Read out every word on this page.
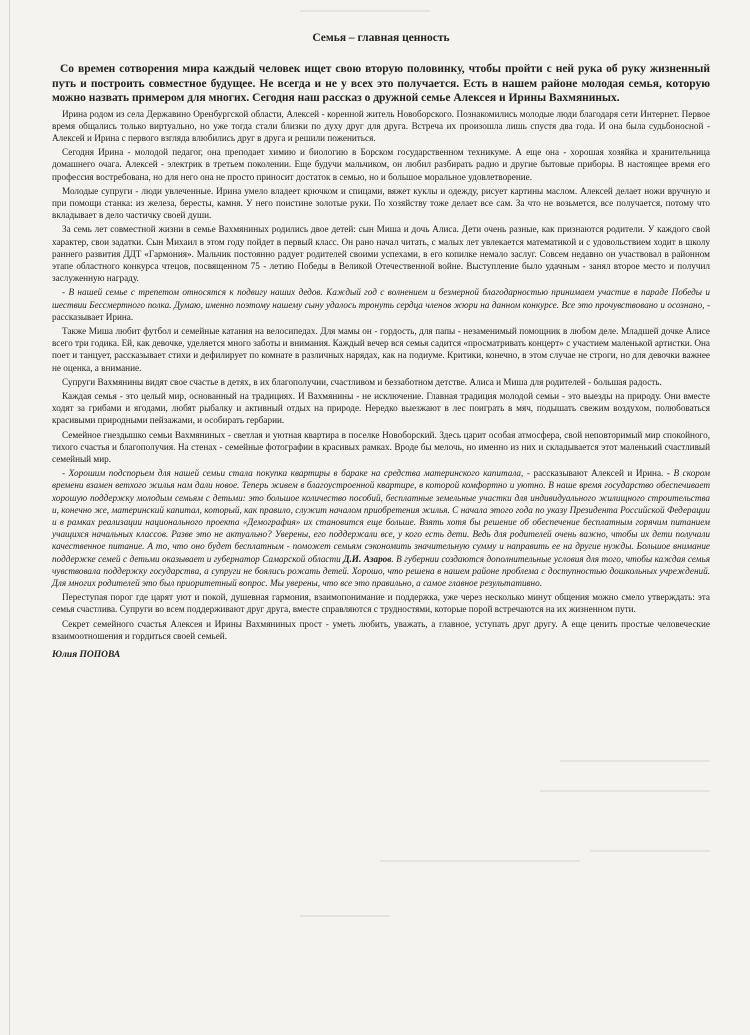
Семья – главная ценность
Со времен сотворения мира каждый человек ищет свою вторую половинку, чтобы пройти с ней рука об руку жизненный путь и построить совместное будущее. Не всегда и не у всех это получается. Есть в нашем районе молодая семья, которую можно назвать примером для многих. Сегодня наш рассказ о дружной семье Алексея и Ирины Вахмяниных.
Ирина родом из села Державино Оренбургской области, Алексей - коренной житель Новоборского. Познакомились молодые люди благодаря сети Интернет. Первое время общались только виртуально, но уже тогда стали близки по духу друг для друга. Встреча их произошла лишь спустя два года. И она была судьбоносной - Алексей и Ирина с первого взгляда влюбились друг в друга и решили пожениться.
Сегодня Ирина - молодой педагог, она преподает химию и биологию в Борском государственном техникуме. А еще она - хорошая хозяйка и хранительница домашнего очага. Алексей - электрик в третьем поколении. Еще будучи мальчиком, он любил разбирать радио и другие бытовые приборы. В настоящее время его профессия востребована, но для него она не просто приносит достаток в семью, но и большое моральное удовлетворение.
Молодые супруги - люди увлеченные. Ирина умело владеет крючком и спицами, вяжет куклы и одежду, рисует картины маслом. Алексей делает ножи вручную и при помощи станка: из железа, бересты, камня. У него поистине золотые руки. По хозяйству тоже делает все сам. За что не возьмется, все получается, потому что вкладывает в дело частичку своей души.
За семь лет совместной жизни в семье Вахмяниных родились двое детей: сын Миша и дочь Алиса. Дети очень разные, как признаются родители. У каждого свой характер, свои задатки. Сын Михаил в этом году пойдет в первый класс. Он рано начал читать, с малых лет увлекается математикой и с удовольствием ходит в школу раннего развития ДДТ «Гармония». Мальчик постоянно радует родителей своими успехами, в его копилке немало заслуг. Совсем недавно он участвовал в районном этапе областного конкурса чтецов, посвященном 75 - летию Победы в Великой Отечественной войне. Выступление было удачным - занял второе место и получил заслуженную награду.
- В нашей семье с трепетом относятся к подвигу наших дедов. Каждый год с волнением и безмерной благодарностью принимаем участие в параде Победы и шествии Бессмертного полка. Думаю, именно поэтому нашему сыну удалось тронуть сердца членов жюри на данном конкурсе. Все это прочувствовано и осознано, - рассказывает Ирина.
Также Миша любит футбол и семейные катания на велосипедах. Для мамы он - гордость, для папы - незаменимый помощник в любом деле. Младшей дочке Алисе всего три годика. Ей, как девочке, уделяется много заботы и внимания. Каждый вечер вся семья садится «просматривать концерт» с участием маленькой артистки. Она поет и танцует, рассказывает стихи и дефилирует по комнате в различных нарядах, как на подиуме. Критики, конечно, в этом случае не строги, но для девочки важнее не оценка, а внимание.
Супруги Вахмянины видят свое счастье в детях, в их благополучии, счастливом и беззаботном детстве. Алиса и Миша для родителей - большая радость.
Каждая семья - это целый мир, основанный на традициях. И Вахмянины - не исключение. Главная традиция молодой семьи - это выезды на природу. Они вместе ходят за грибами и ягодами, любят рыбалку и активный отдых на природе. Нередко выезжают в лес поиграть в мяч, подышать свежим воздухом, полюбоваться красивыми природными пейзажами, и особирать гербарии.
Семейное гнездышко семьи Вахмяниных - светлая и уютная квартира в поселке Новоборский. Здесь царит особая атмосфера, свой неповторимый мир спокойного, тихого счастья и благополучия. На стенах - семейные фотографии в красивых рамках. Вроде бы мелочь, но именно из них и складывается этот маленький счастливый семейный мир.
- Хорошим подспорьем для нашей семьи стала покупка квартиры в бараке на средства материнского капитала, - рассказывают Алексей и Ирина. - В скором времени взамен ветхого жилья нам дали новое. Теперь живем в благоустроенной квартире, в которой комфортно и уютно. В наше время государство обеспечивает хорошую поддержку молодым семьям с детьми: это большое количество пособий, бесплатные земельные участки для индивидуального жилищного строительства и, конечно же, материнский капитал, который, как правило, служит началом приобретения жилья. С начала этого года по указу Президента Российской Федерации и в рамках реализации национального проекта «Демография» их становится еще больше. Взять хотя бы решение об обеспечение бесплатным горячим питанием учащихся начальных классов. Разве это не актуально? Уверены, его поддержали все, у кого есть дети. Ведь для родителей очень важно, чтобы их дети получали качественное питание. А то, что оно будет бесплатным - поможет семьям сэкономить значительную сумму и направить ее на другие нужды. Большое внимание поддержке семей с детьми оказывает и губернатор Самарской области Д.И. Азаров. В губернии создаются дополнительные условия для того, чтобы каждая семья чувствовала поддержку государства, а супруги не боялись рожать детей. Хорошо, что решена в нашем районе проблема с доступностью дошкольных учреждений. Для многих родителей это был приоритетный вопрос. Мы уверены, что все это правильно, а самое главное результативно.
Переступая порог где царят уют и покой, душевная гармония, взаимопонимание и поддержка, уже через несколько минут общения можно смело утверждать: эта семья счастлива. Супруги во всем поддерживают друг друга, вместе справляются с трудностями, которые порой встречаются на их жизненном пути.
Секрет семейного счастья Алексея и Ирины Вахмяниных прост - уметь любить, уважать, а главное, уступать друг другу. А еще ценить простые человеческие взаимоотношения и гордиться своей семьей.
Юлия ПОПОВА
